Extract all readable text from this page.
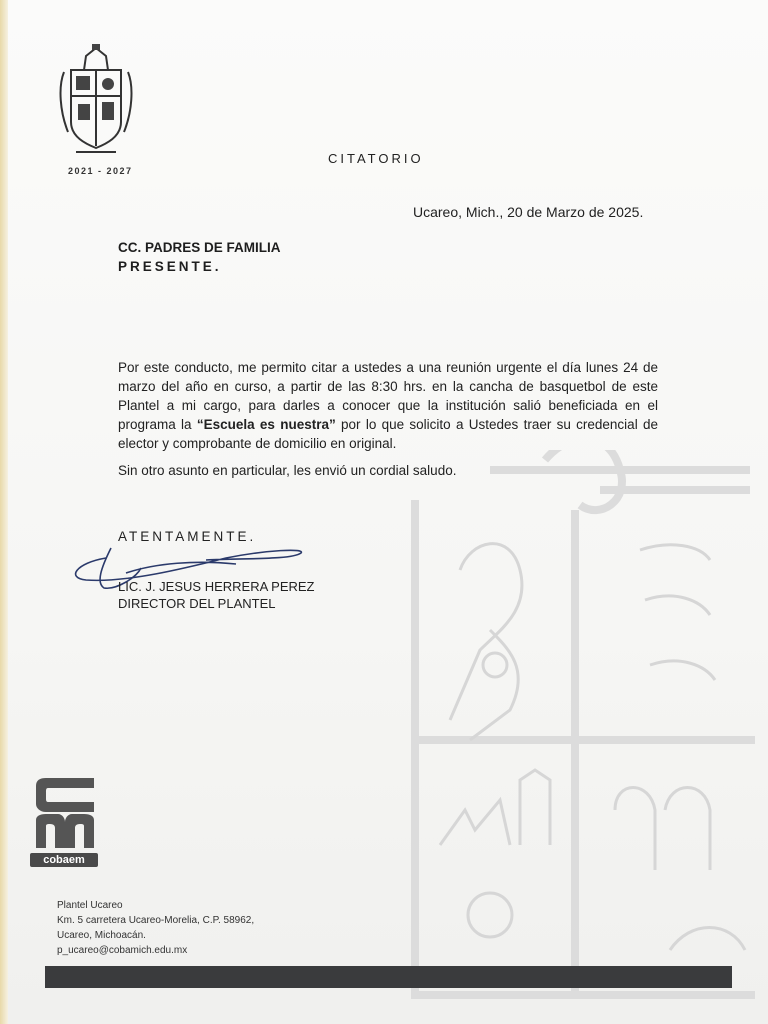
2021 - 2027
CITATORIO
Ucareo, Mich., 20 de Marzo de 2025.
CC. PADRES DE FAMILIA
PRESENTE.
Por este conducto, me permito citar a ustedes a una reunión urgente el día lunes 24 de marzo del año en curso, a partir de las 8:30 hrs. en la cancha de basquetbol de este Plantel a mi cargo, para darles a conocer que la institución salió beneficiada en el programa la “Escuela es nuestra” por lo que solicito a Ustedes traer su credencial de elector y comprobante de domicilio en original.
Sin otro asunto en particular, les envió un cordial saludo.
ATENTAMENTE.
LIC. J. JESUS HERRERA PEREZ
DIRECTOR DEL PLANTEL
cobaem
Plantel Ucareo
Km. 5 carretera Ucareo-Morelia, C.P. 58962,
Ucareo, Michoacán.
p_ucareo@cobamich.edu.mx
